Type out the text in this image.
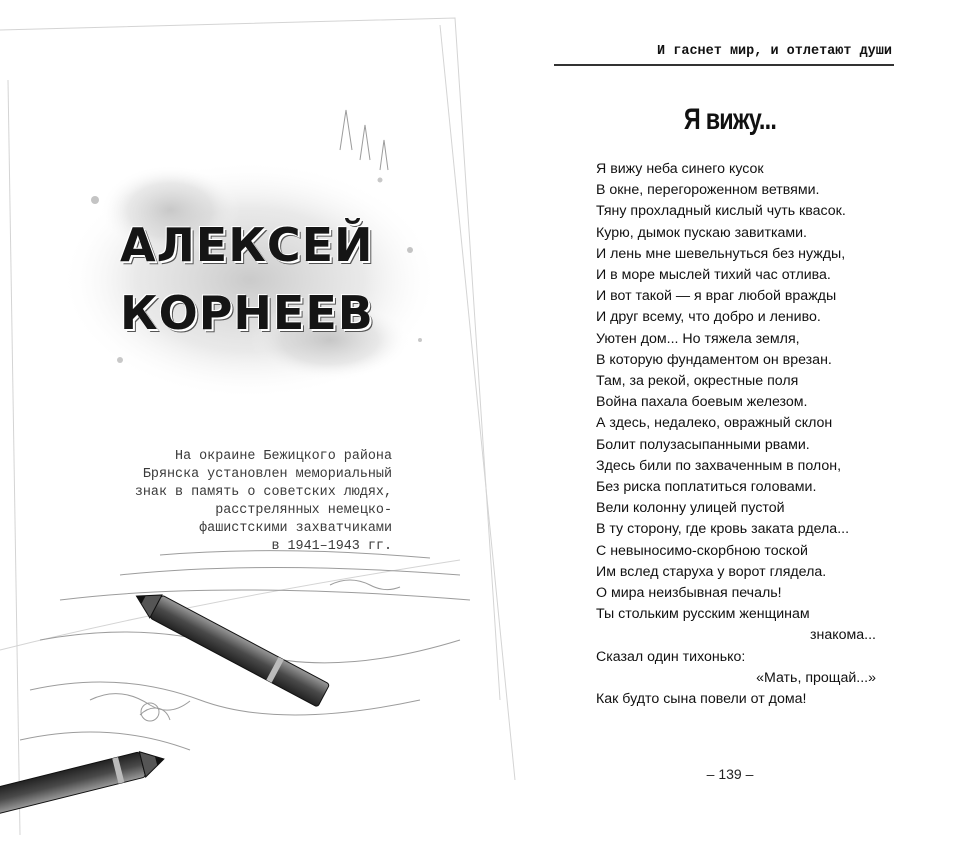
АЛЕКСЕЙ
КОРНЕЕВ
На окраине Бежицкого района
Брянска установлен мемориальный
знак в память о советских людях,
расстрелянных немецко-
фашистскими захватчиками
в 1941–1943 гг.
И гаснет мир, и отлетают души
Я вижу...
Я вижу неба синего кусок
В окне, перегороженном ветвями.
Тяну прохладный кислый чуть квасок.
Курю, дымок пускаю завитками.
И лень мне шевельнуться без нужды,
И в море мыслей тихий час отлива.
И вот такой — я враг любой вражды
И друг всему, что добро и лениво.
Уютен дом... Но тяжела земля,
В которую фундаментом он врезан.
Там, за рекой, окрестные поля
Война пахала боевым железом.
А здесь, недалеко, овражный склон
Болит полузасыпанными рвами.
Здесь били по захваченным в полон,
Без риска поплатиться головами.
Вели колонну улицей пустой
В ту сторону, где кровь заката рдела...
С невыносимо-скорбною тоской
Им вслед старуха у ворот глядела.
О мира неизбывная печаль!
Ты стольким русским женщинам
знакома...
Сказал один тихонько:
«Мать, прощай...»
Как будто сына повели от дома!
– 139 –
